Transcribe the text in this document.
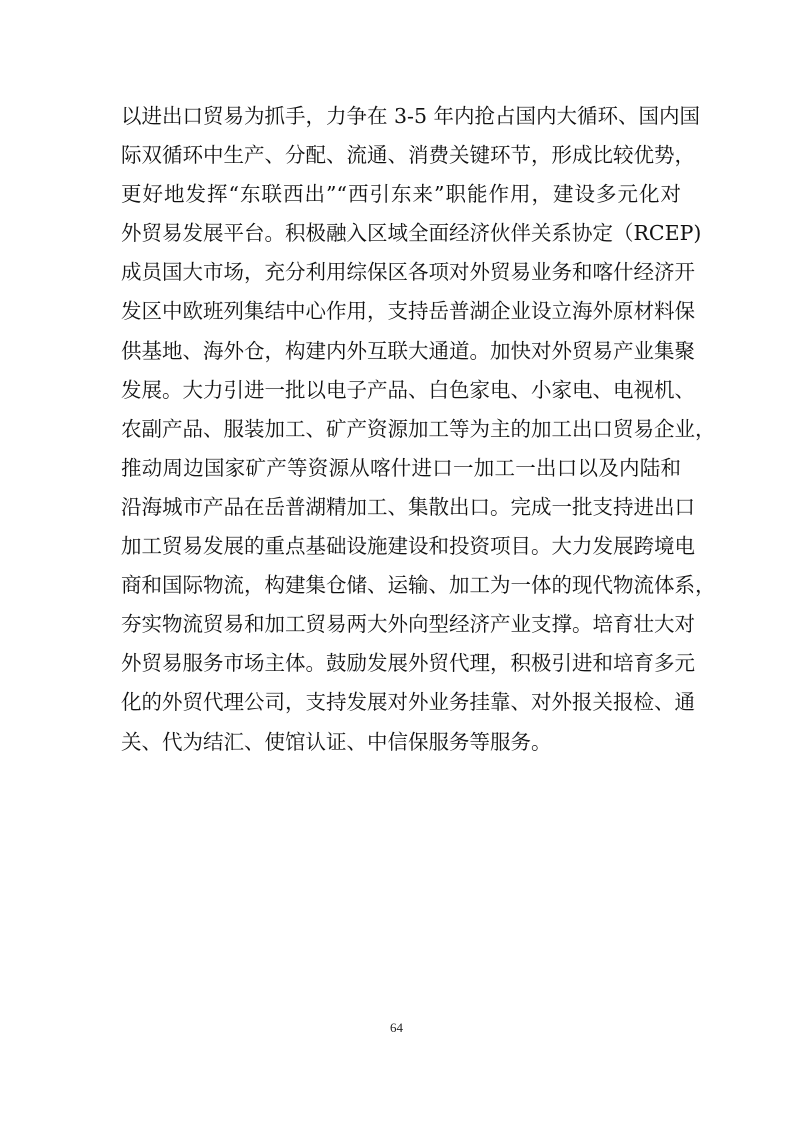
以进出口贸易为抓手，力争在 3-5 年内抢占国内大循环、国内国
际双循环中生产、分配、流通、消费关键环节，形成比较优势，
更好地发挥“东联西出”“西引东来”职能作用，建设多元化对
外贸易发展平台。积极融入区域全面经济伙伴关系协定（RCEP)
成员国大市场，充分利用综保区各项对外贸易业务和喀什经济开
发区中欧班列集结中心作用，支持岳普湖企业设立海外原材料保
供基地、海外仓，构建内外互联大通道。加快对外贸易产业集聚
发展。大力引进一批以电子产品、白色家电、小家电、电视机、
农副产品、服装加工、矿产资源加工等为主的加工出口贸易企业，
推动周边国家矿产等资源从喀什进口一加工一出口以及内陆和
沿海城市产品在岳普湖精加工、集散出口。完成一批支持进出口
加工贸易发展的重点基础设施建设和投资项目。大力发展跨境电
商和国际物流，构建集仓储、运输、加工为一体的现代物流体系，
夯实物流贸易和加工贸易两大外向型经济产业支撑。培育壮大对
外贸易服务市场主体。鼓励发展外贸代理，积极引进和培育多元
化的外贸代理公司，支持发展对外业务挂靠、对外报关报检、通
关、代为结汇、使馆认证、中信保服务等服务。
64
